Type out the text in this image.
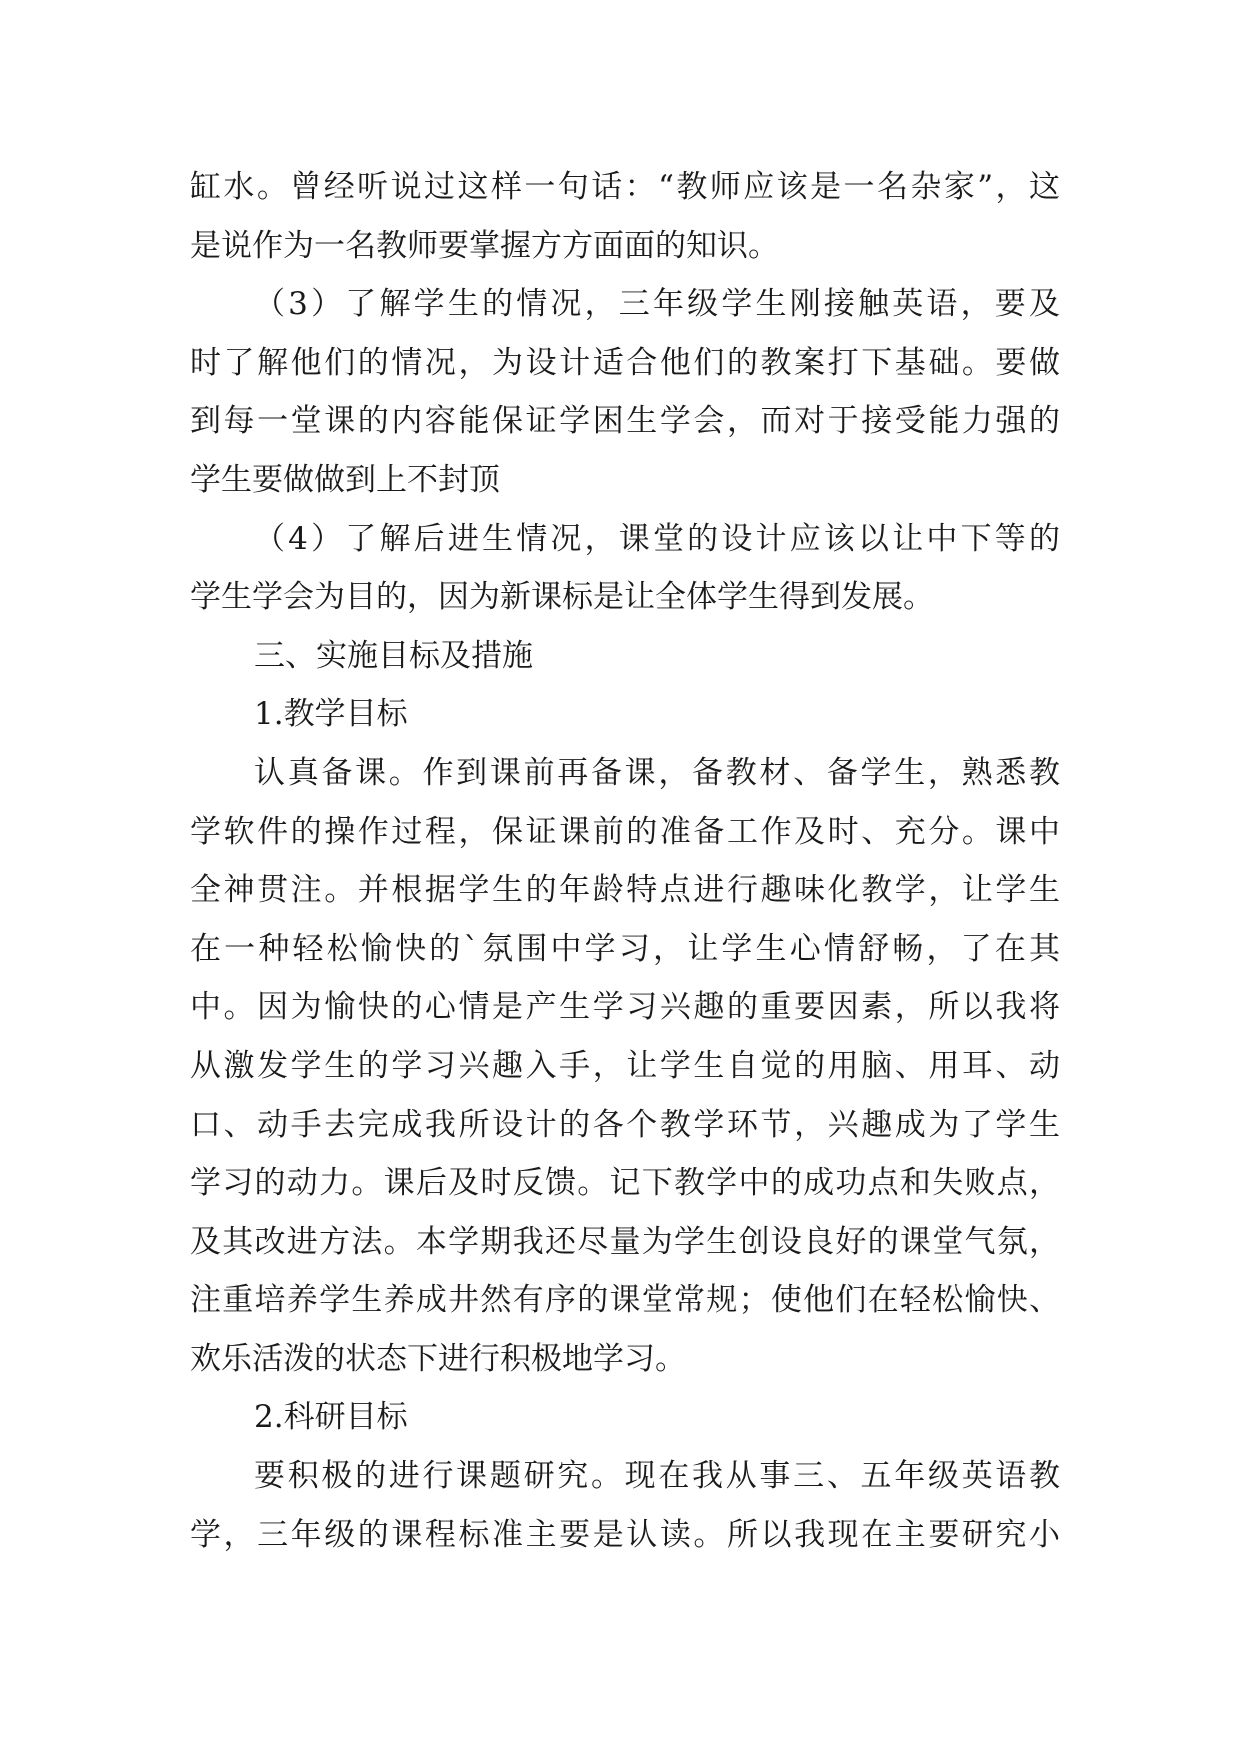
缸水。曾经听说过这样一句话：“教师应该是一名杂家”，这
是说作为一名教师要掌握方方面面的知识。
（3）了解学生的情况，三年级学生刚接触英语，要及
时了解他们的情况，为设计适合他们的教案打下基础。要做
到每一堂课的内容能保证学困生学会，而对于接受能力强的
学生要做做到上不封顶
（4）了解后进生情况，课堂的设计应该以让中下等的
学生学会为目的，因为新课标是让全体学生得到发展。
三、实施目标及措施
1.教学目标
认真备课。作到课前再备课，备教材、备学生，熟悉教
学软件的操作过程，保证课前的准备工作及时、充分。课中
全神贯注。并根据学生的年龄特点进行趣味化教学，让学生
在一种轻松愉快的`氛围中学习，让学生心情舒畅，了在其
中。因为愉快的心情是产生学习兴趣的重要因素，所以我将
从激发学生的学习兴趣入手，让学生自觉的用脑、用耳、动
口、动手去完成我所设计的各个教学环节，兴趣成为了学生
学习的动力。课后及时反馈。记下教学中的成功点和失败点，
及其改进方法。本学期我还尽量为学生创设良好的课堂气氛，
注重培养学生养成井然有序的课堂常规；使他们在轻松愉快、
欢乐活泼的状态下进行积极地学习。
2.科研目标
要积极的进行课题研究。现在我从事三、五年级英语教
学，三年级的课程标准主要是认读。所以我现在主要研究小
